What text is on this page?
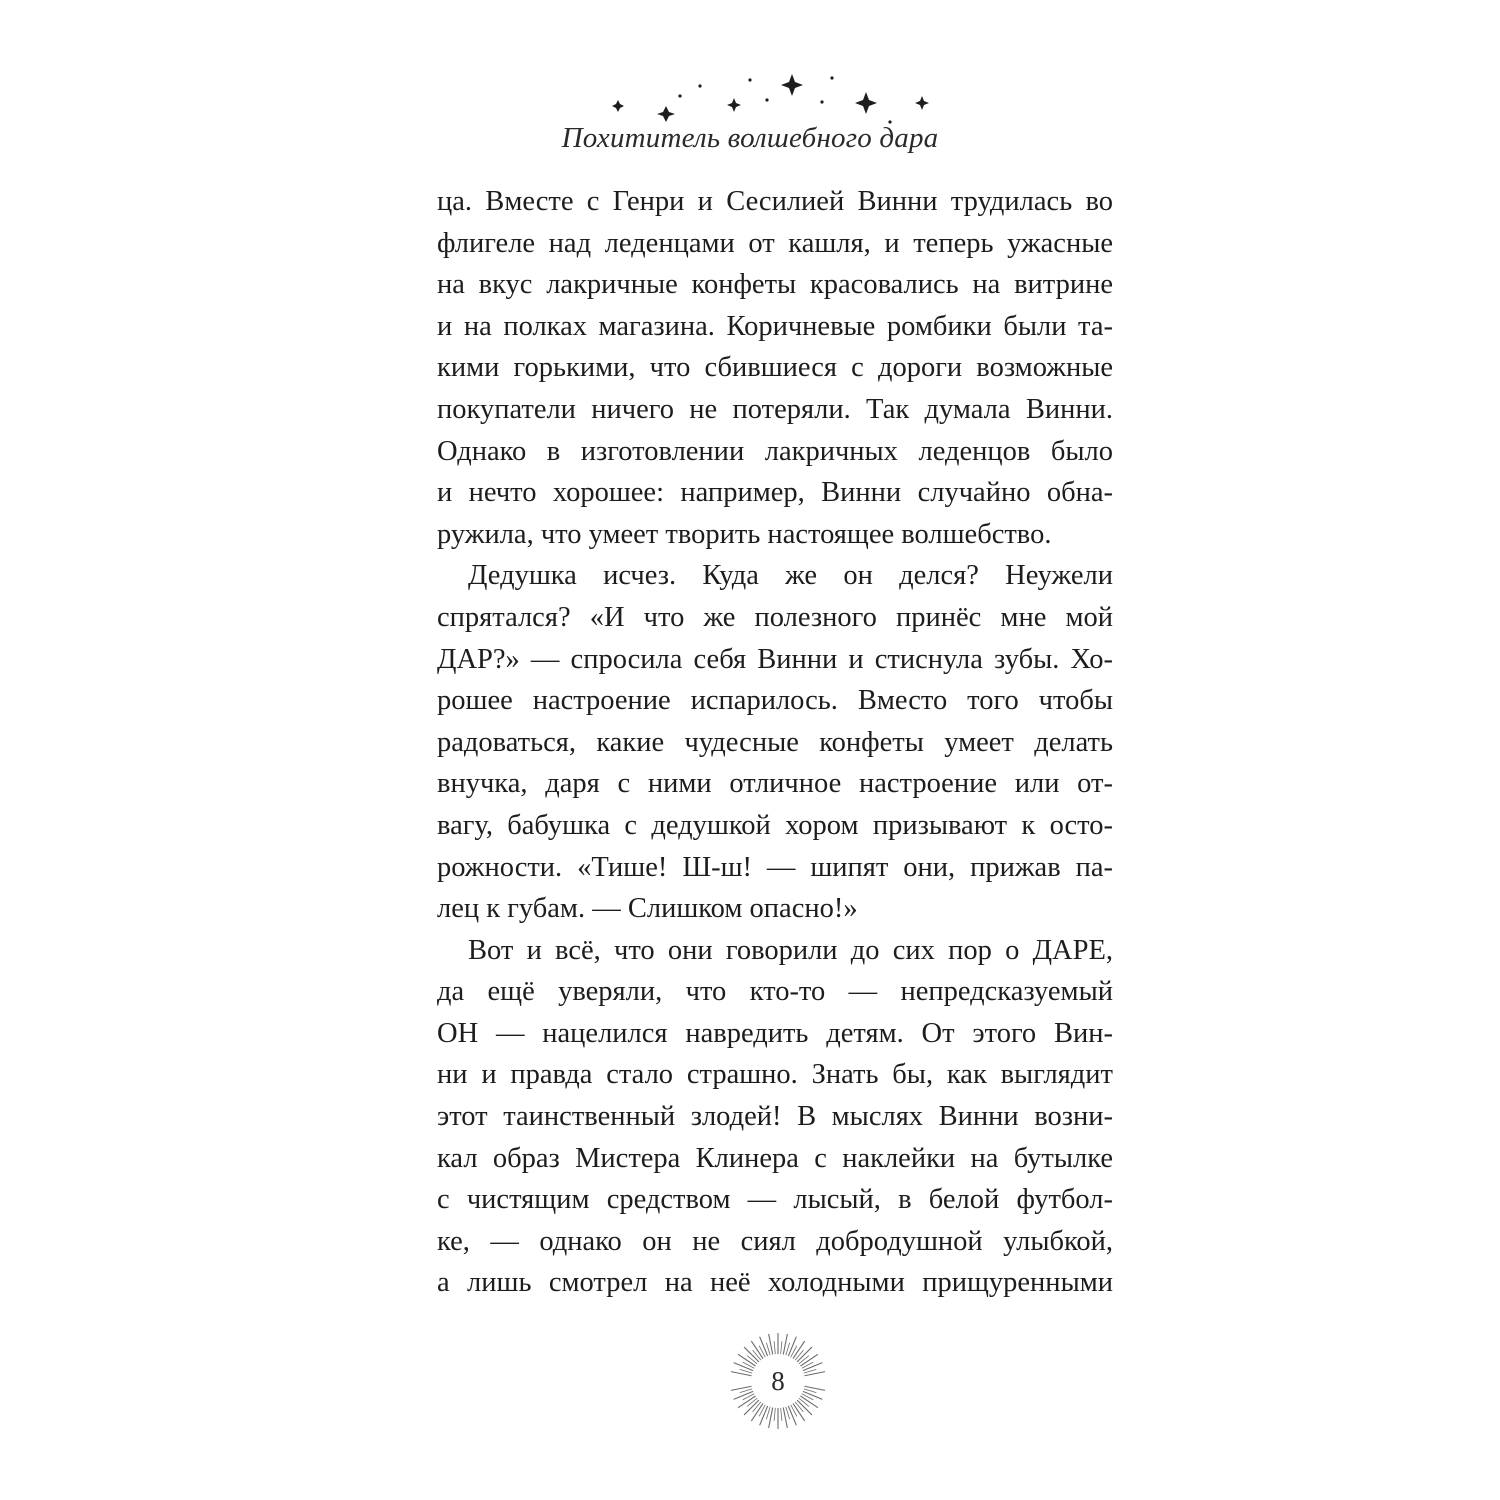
Похититель волшебного дара

ца. Вместе с Генри и Сесилией Винни трудилась во
флигеле над леденцами от кашля, и теперь ужасные
на вкус лакричные конфеты красовались на витрине
и на полках магазина. Коричневые ромбики были та-
кими горькими, что сбившиеся с дороги возможные
покупатели ничего не потеряли. Так думала Винни.
Однако в изготовлении лакричных леденцов было
и нечто хорошее: например, Винни случайно обна-
ружила, что умеет творить настоящее волшебство.

Дедушка исчез. Куда же он делся? Неужели
спрятался? «И что же полезного принёс мне мой
ДАР?» — спросила себя Винни и стиснула зубы. Хо-
рошее настроение испарилось. Вместо того чтобы
радоваться, какие чудесные конфеты умеет делать
внучка, даря с ними отличное настроение или от-
вагу, бабушка с дедушкой хором призывают к осто-
рожности. «Тише! Ш-ш! — шипят они, прижав па-
лец к губам. — Слишком опасно!»

Вот и всё, что они говорили до сих пор о ДАРЕ,
да ещё уверяли, что кто-то — непредсказуемый
ОН — нацелился навредить детям. От этого Вин-
ни и правда стало страшно. Знать бы, как выглядит
этот таинственный злодей! В мыслях Винни возни-
кал образ Мистера Клинера с наклейки на бутылке
с чистящим средством — лысый, в белой футбол-
ке, — однако он не сиял добродушной улыбкой,
а лишь смотрел на неё холодными прищуренными

8
